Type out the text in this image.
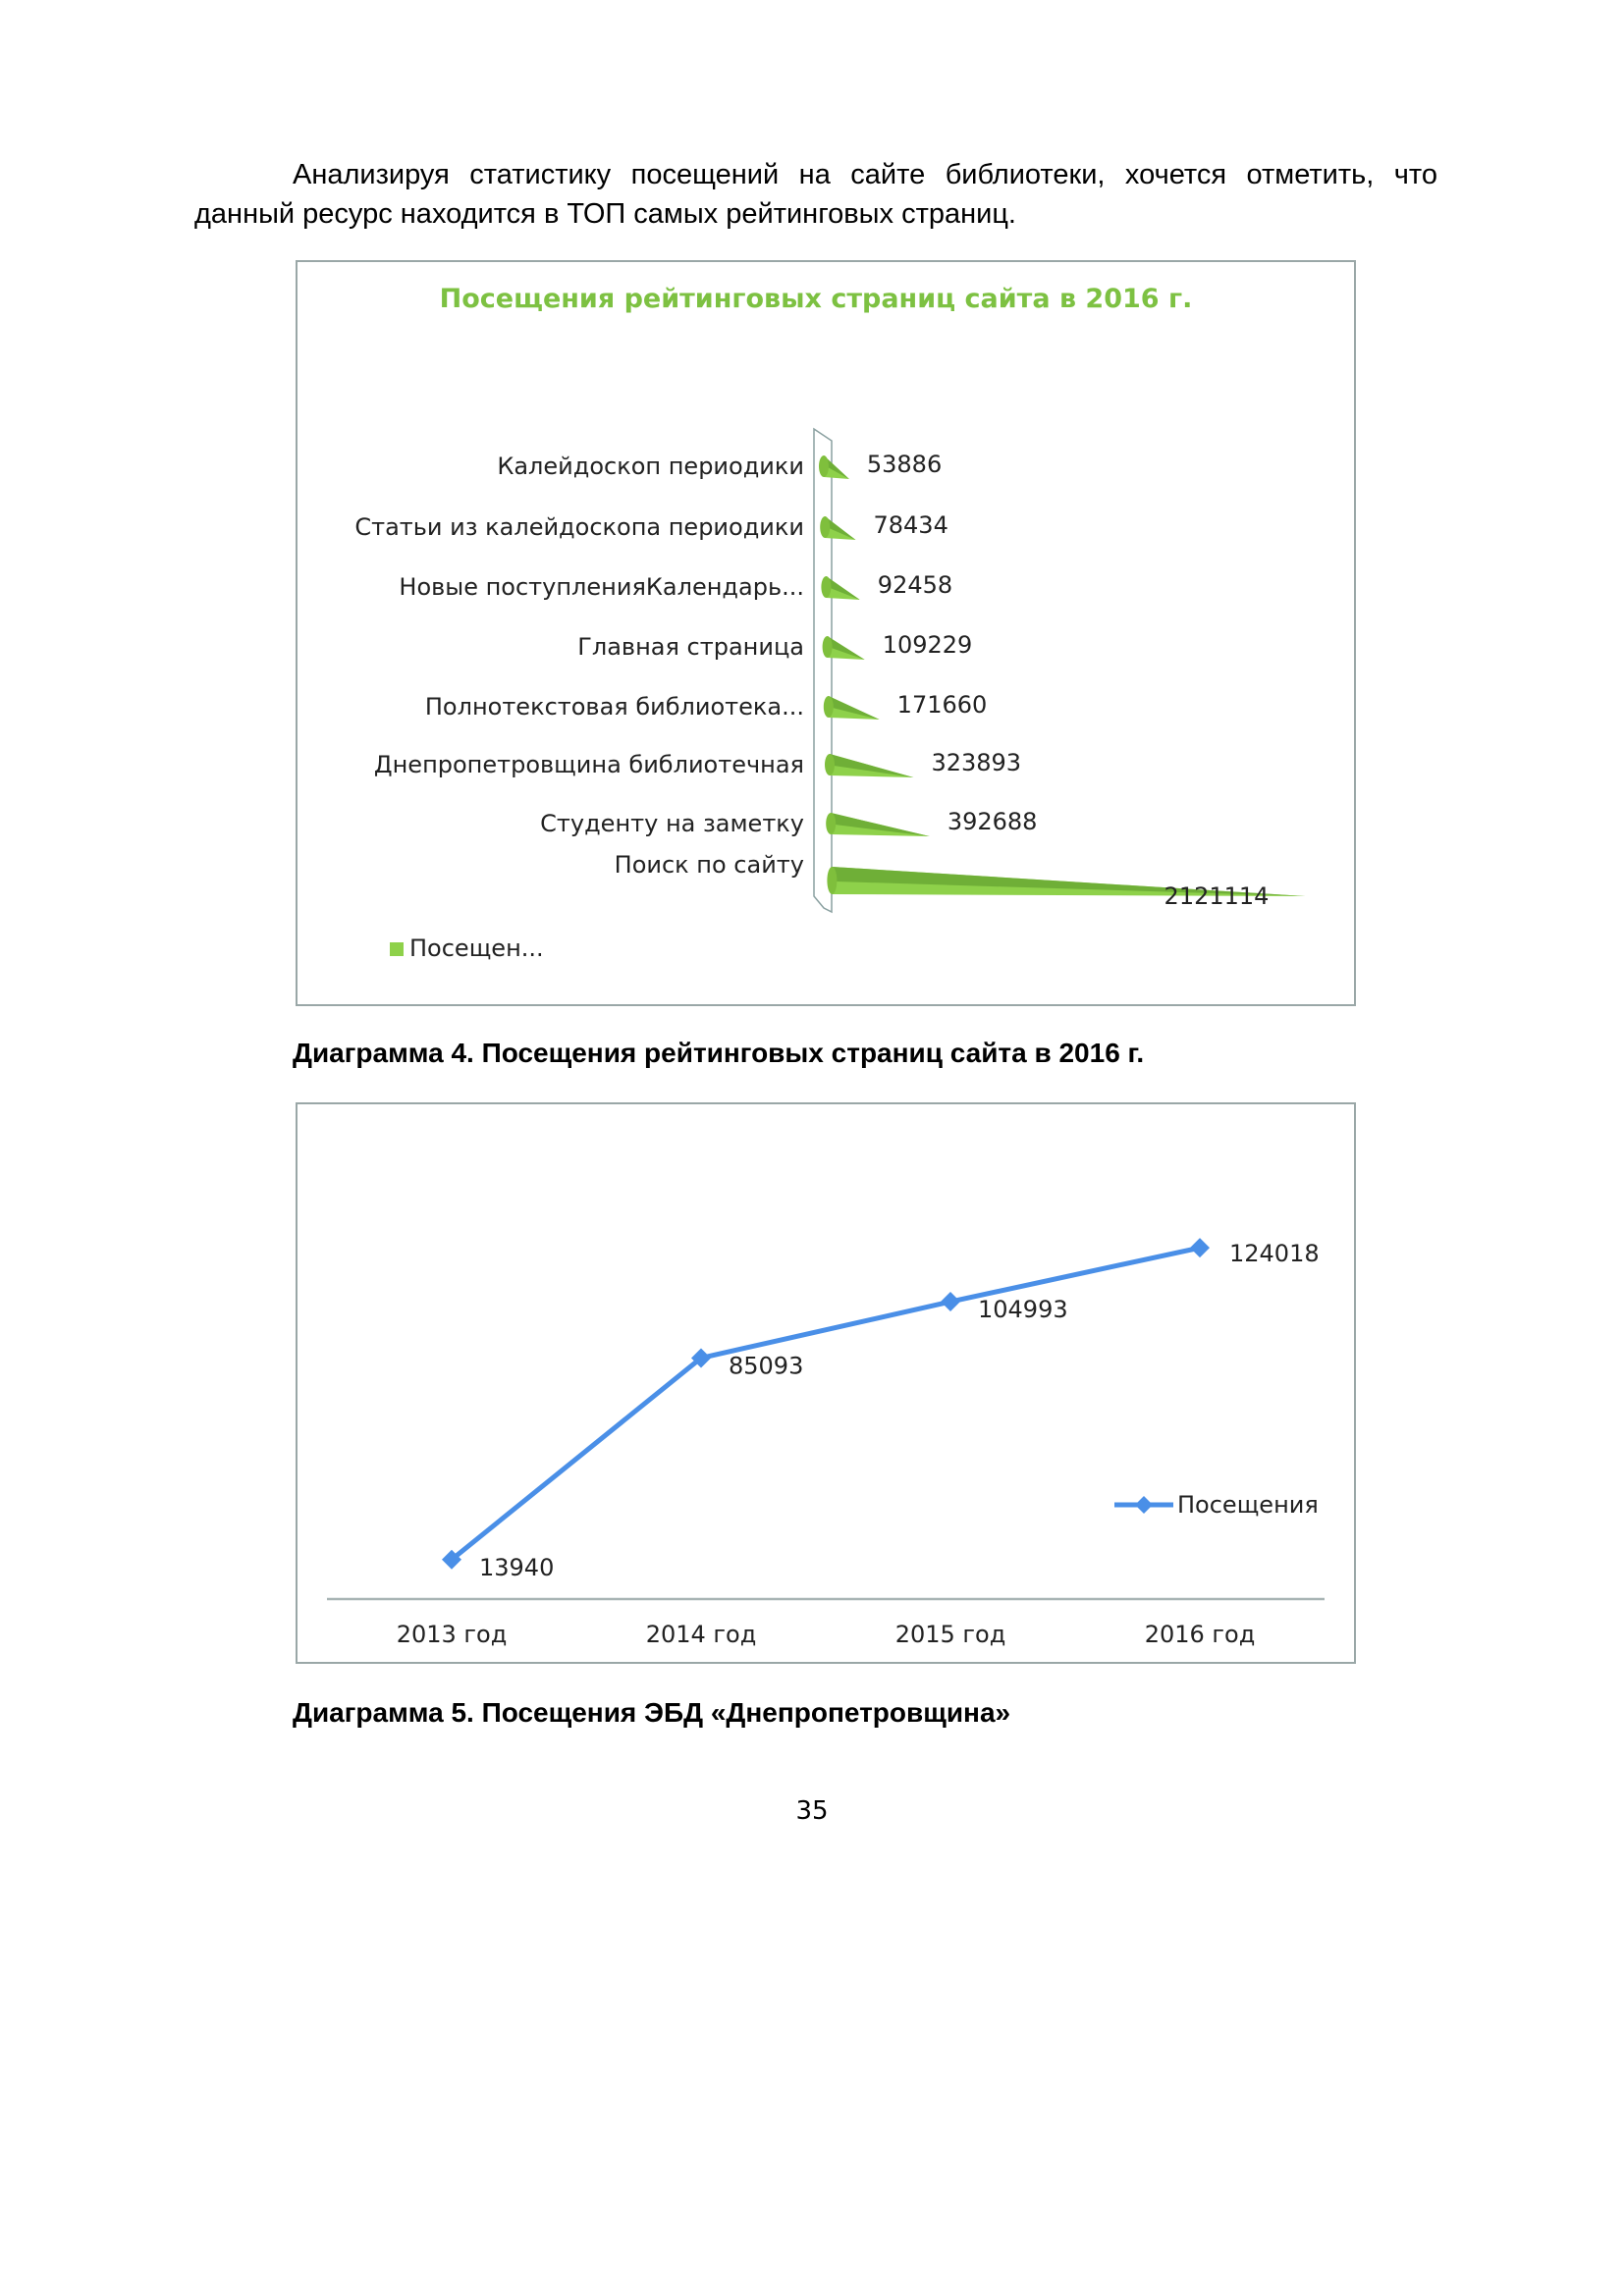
Анализируя статистику посещений на сайте библиотеки, хочется отметить, что
данный ресурс находится в ТОП самых рейтинговых страниц.
Посещения рейтинговых страниц сайта в 2016 г.
Калейдоскоп периодики	53886
Статьи из калейдоскопа периодики	78434
Новые поступленияКалендарь...	92458
Главная страница	109229
Полнотекстовая библиотека...	171660
Днепропетровщина библиотечная	323893
Студенту на заметку	392688
Поиск по сайту
2121114
Посещен...
Диаграмма 4. Посещения рейтинговых страниц сайта в 2016 г.
2013 год	2014 год	2015 год	2016 год
13940
85093
104993
124018
Посещения
Диаграмма 5. Посещения ЭБД «Днепропетровщина»
35
